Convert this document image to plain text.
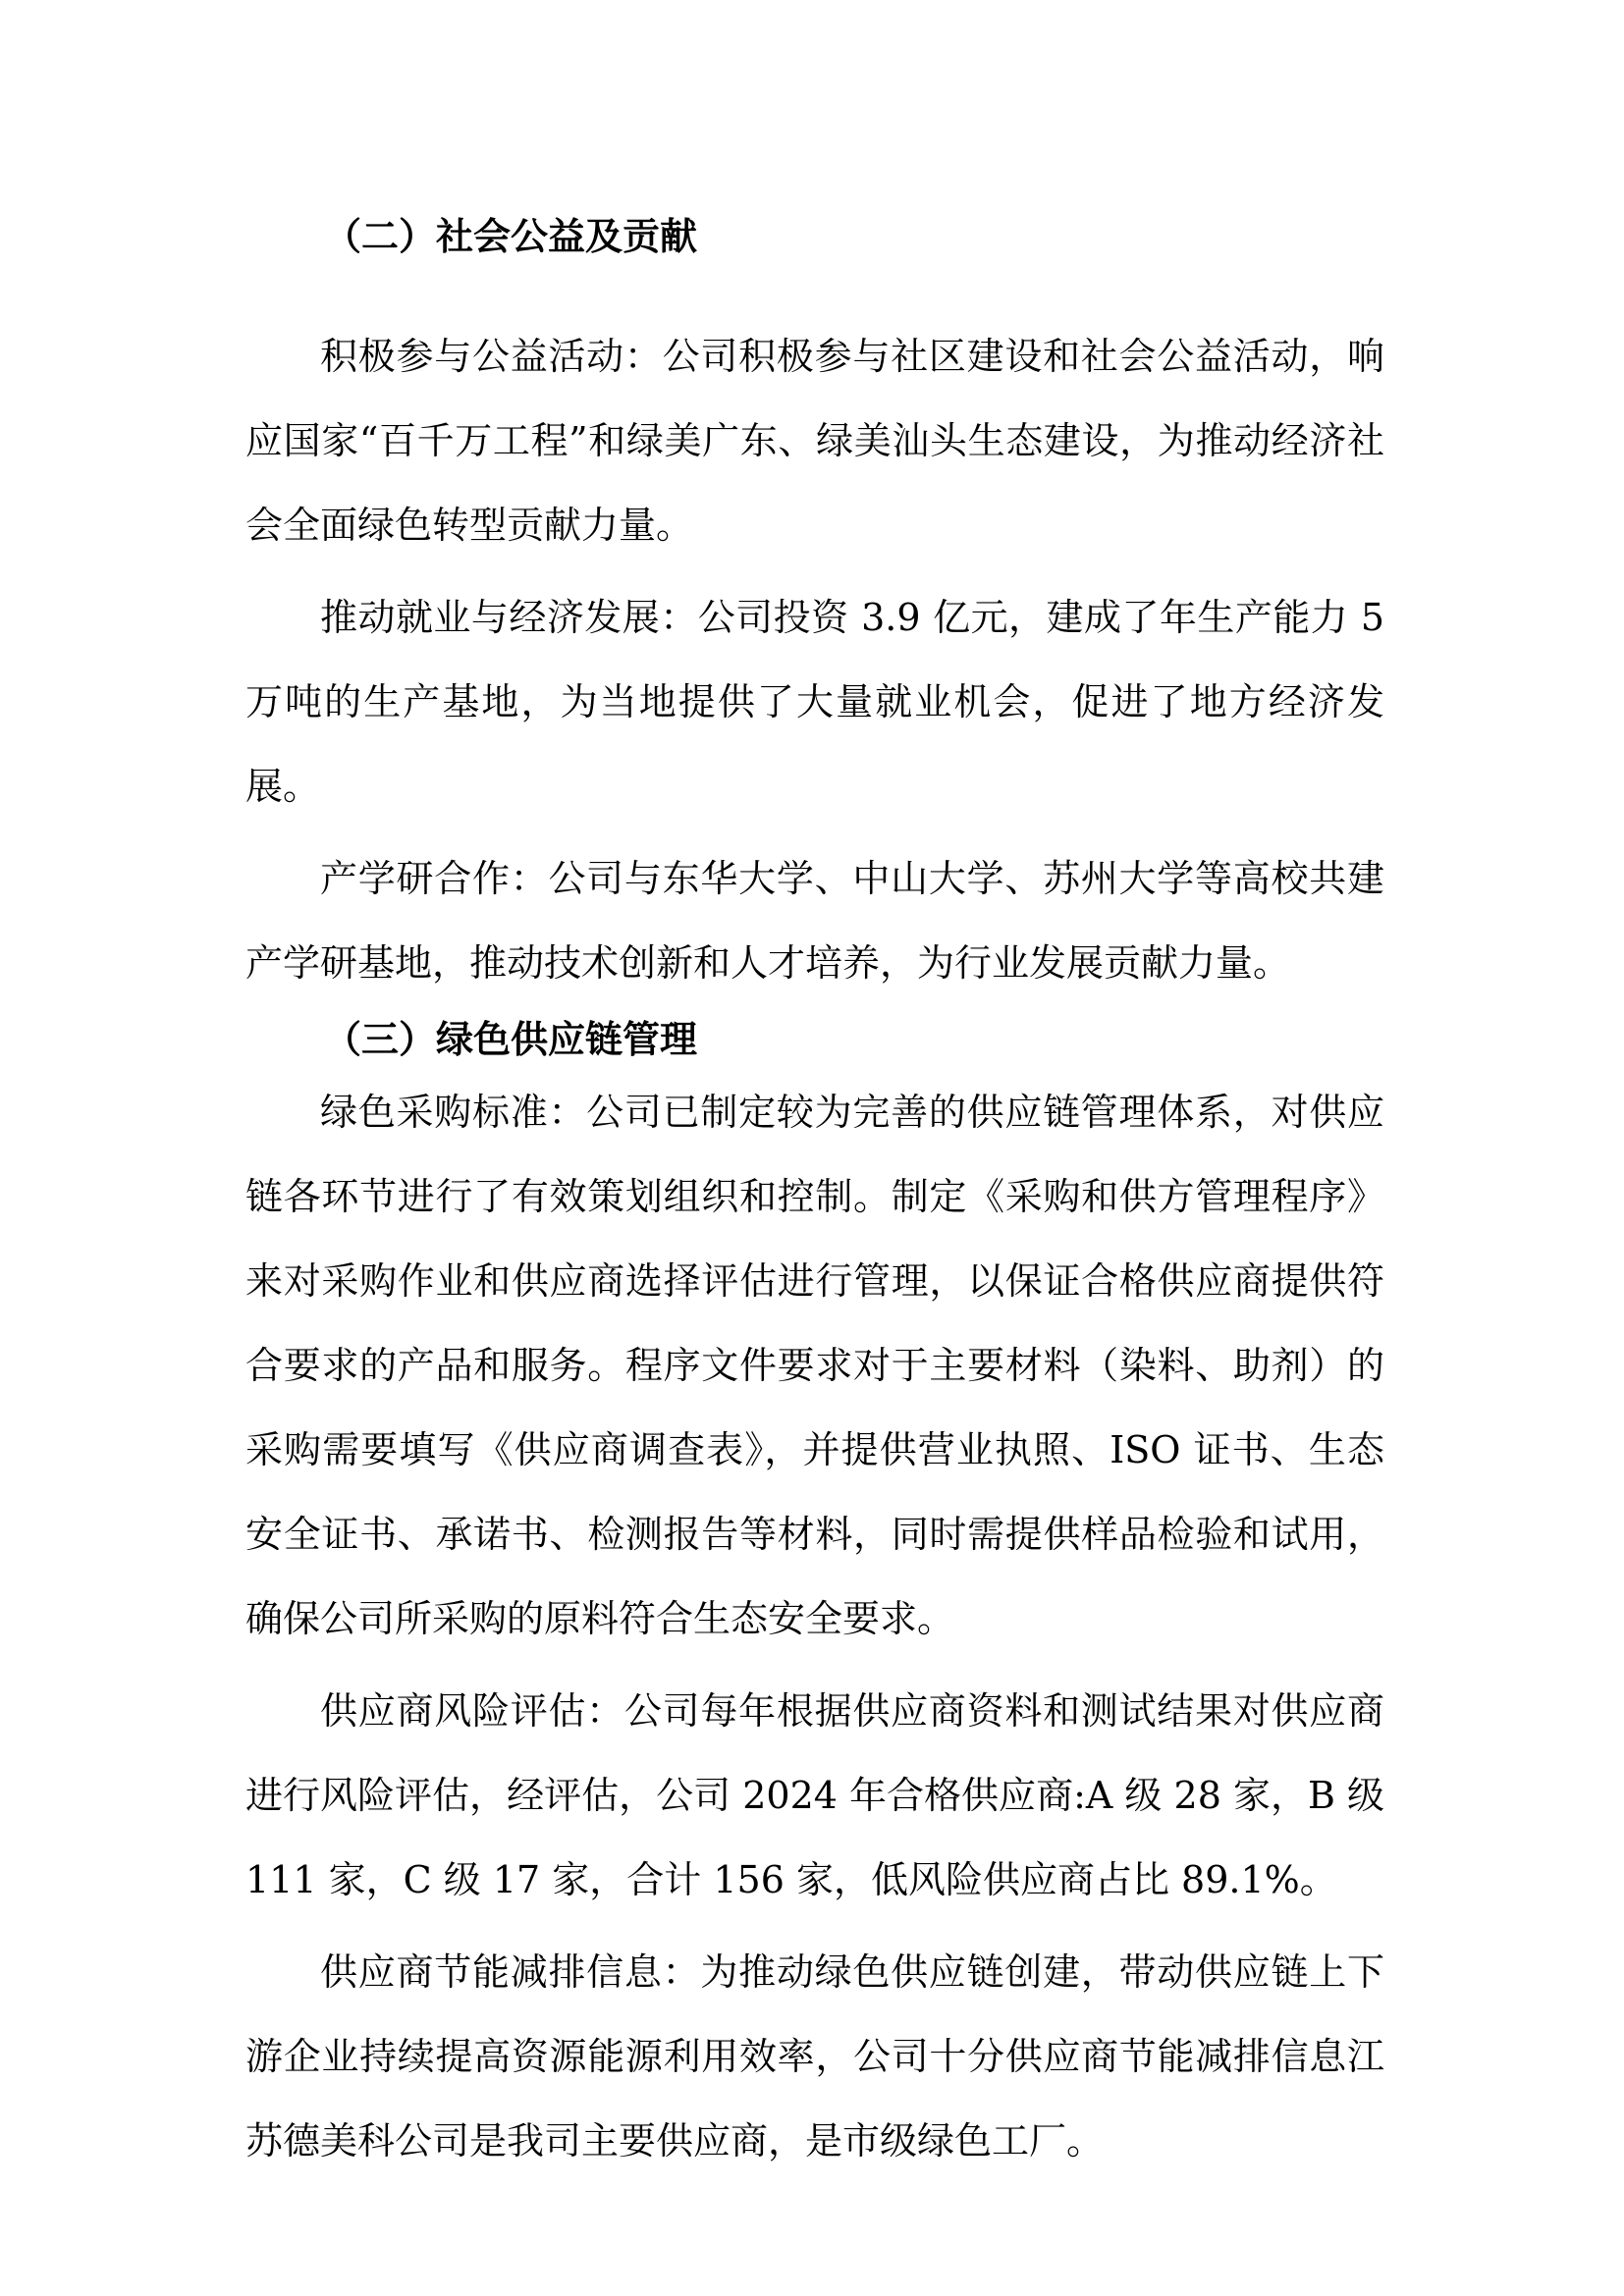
（二）社会公益及贡献

积极参与公益活动：公司积极参与社区建设和社会公益活动，响应国家“百千万工程”和绿美广东、绿美汕头生态建设，为推动经济社会全面绿色转型贡献力量。

推动就业与经济发展：公司投资 3.9 亿元，建成了年生产能力 5 万吨的生产基地，为当地提供了大量就业机会，促进了地方经济发展。

产学研合作：公司与东华大学、中山大学、苏州大学等高校共建产学研基地，推动技术创新和人才培养，为行业发展贡献力量。

（三）绿色供应链管理

绿色采购标准：公司已制定较为完善的供应链管理体系，对供应链各环节进行了有效策划组织和控制。制定《采购和供方管理程序》来对采购作业和供应商选择评估进行管理，以保证合格供应商提供符合要求的产品和服务。程序文件要求对于主要材料（染料、助剂）的采购需要填写《供应商调查表》，并提供营业执照、ISO 证书、生态安全证书、承诺书、检测报告等材料，同时需提供样品检验和试用，确保公司所采购的原料符合生态安全要求。

供应商风险评估：公司每年根据供应商资料和测试结果对供应商进行风险评估，经评估，公司 2024 年合格供应商:A 级 28 家，B 级 111 家，C 级 17 家，合计 156 家，低风险供应商占比 89.1%。

供应商节能减排信息：为推动绿色供应链创建，带动供应链上下游企业持续提高资源能源利用效率，公司十分供应商节能减排信息江苏德美科公司是我司主要供应商，是市级绿色工厂。
